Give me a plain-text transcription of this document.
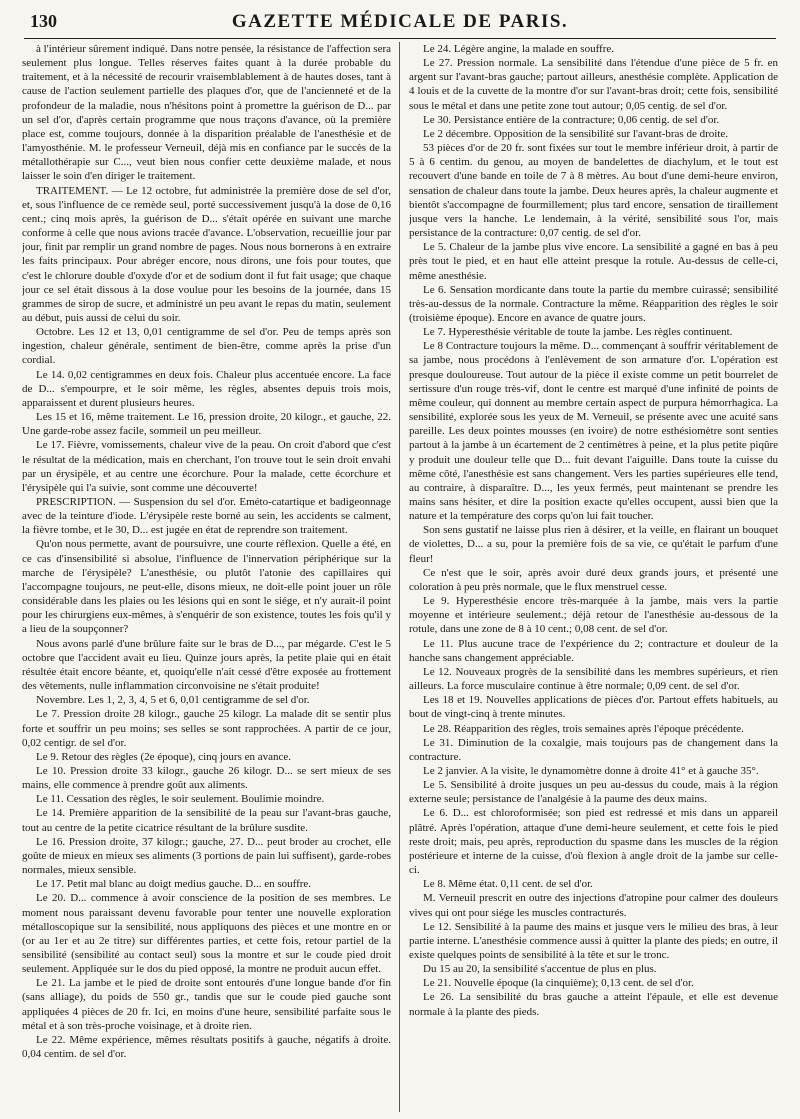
130	GAZETTE MÉDICALE DE PARIS.

à l'intérieur sûrement indiqué. Dans notre pensée, la résistance de l'affection sera seulement plus longue. Telles réserves faites quant à la durée probable du traitement, et à la nécessité de recourir vraisemblablement à de hautes doses, tant à cause de l'action seulement partielle des plaques d'or, que de l'ancienneté et de la profondeur de la maladie, nous n'hésitons point à promettre la guérison de D... par un sel d'or, d'après certain programme que nous traçons d'avance, où la première place est, comme toujours, donnée à la disparition préalable de l'anesthésie et de l'amyosthénie. M. le professeur Verneuil, déjà mis en confiance par le succès de la métallothérapie sur C..., veut bien nous confier cette deuxième malade, et nous laisser le soin d'en diriger le traitement.

TRAITEMENT. — Le 12 octobre, fut administrée la première dose de sel d'or, et, sous l'influence de ce remède seul, porté successivement jusqu'à la dose de 0,16 cent.; cinq mois après, la guérison de D... s'était opérée en suivant une marche conforme à celle que nous avions tracée d'avance. L'observation, recueillie jour par jour, finit par remplir un grand nombre de pages. Nous nous bornerons à en extraire les faits principaux. Pour abréger encore, nous dirons, une fois pour toutes, que c'est le chlorure double d'oxyde d'or et de sodium dont il fut fait usage; que chaque jour ce sel était dissous à la dose voulue pour les besoins de la journée, dans 15 grammes de sirop de sucre, et administré un peu avant le repas du matin, seulement au début, puis aussi de celui du soir.

Octobre. Les 12 et 13, 0,01 centigramme de sel d'or. Peu de temps après son ingestion, chaleur générale, sentiment de bien-être, comme après la prise d'un cordial.

Le 14. 0,02 centigrammes en deux fois. Chaleur plus accentuée encore. La face de D... s'empourpre, et le soir même, les règles, absentes depuis trois mois, apparaissent et durent plusieurs heures.

Les 15 et 16, même traitement. Le 16, pression droite, 20 kilogr., et gauche, 22. Une garde-robe assez facile, sommeil un peu meilleur.

Le 17. Fièvre, vomissements, chaleur vive de la peau. On croit d'abord que c'est le résultat de la médication, mais en cherchant, l'on trouve tout le sein droit envahi par un érysipèle, et au centre une écorchure. Pour la malade, cette écorchure et l'érysipèle qui l'a suivie, sont comme une découverte!

PRESCRIPTION. — Suspension du sel d'or. Eméto-catartique et badigeonnage avec de la teinture d'iode. L'érysipèle reste borné au sein, les accidents se calment, la fièvre tombe, et le 30, D... est jugée en état de reprendre son traitement.

Qu'on nous permette, avant de poursuivre, une courte réflexion. Quelle a été, en ce cas d'insensibilité si absolue, l'influence de l'innervation périphérique sur la marche de l'érysipèle? L'anesthésie, ou plutôt l'atonie des capillaires qui l'accompagne toujours, ne peut-elle, disons mieux, ne doit-elle point jouer un rôle considérable dans les plaies ou les lésions qui en sont le siége, et n'y aurait-il point pour les chirurgiens eux-mêmes, à s'enquérir de son existence, toutes les fois qu'il y a lieu de la soupçonner?

Nous avons parlé d'une brûlure faite sur le bras de D..., par mégarde. C'est le 5 octobre que l'accident avait eu lieu. Quinze jours après, la petite plaie qui en était résultée était encore béante, et, quoiqu'elle n'ait cessé d'être exposée au frottement des vêtements, nulle inflammation circonvoisine ne s'était produite!

Novembre. Les 1, 2, 3, 4, 5 et 6, 0,01 centigramme de sel d'or.

Le 7. Pression droite 28 kilogr., gauche 25 kilogr. La malade dit se sentir plus forte et souffrir un peu moins; ses selles se sont rapprochées. A partir de ce jour, 0,02 centigr. de sel d'or.

Le 9. Retour des règles (2e époque), cinq jours en avance.

Le 10. Pression droite 33 kilogr., gauche 26 kilogr. D... se sert mieux de ses mains, elle commence à prendre goût aux aliments.

Le 11. Cessation des règles, le soir seulement. Boulimie moindre.

Le 14. Première apparition de la sensibilité de la peau sur l'avant-bras gauche, tout au centre de la petite cicatrice résultant de la brûlure susdite.

Le 16. Pression droite, 37 kilogr.; gauche, 27. D... peut broder au crochet, elle goûte de mieux en mieux ses aliments (3 portions de pain lui suffisent), garde-robes normales, mieux sensible.

Le 17. Petit mal blanc au doigt medius gauche. D... en souffre.

Le 20. D... commence à avoir conscience de la position de ses membres. Le moment nous paraissant devenu favorable pour tenter une nouvelle exploration métalloscopique sur la sensibilité, nous appliquons des pièces et une montre en or (or au 1er et au 2e titre) sur différentes parties, et cette fois, retour partiel de la sensibilité (sensibilité au contact seul) sous la montre et sur le coude pied droit seulement. Appliquée sur le dos du pied opposé, la montre ne produit aucun effet.

Le 21. La jambe et le pied de droite sont entourés d'une longue bande d'or fin (sans alliage), du poids de 550 gr., tandis que sur le coude pied gauche sont appliquées 4 pièces de 20 fr. Ici, en moins d'une heure, sensibilité parfaite sous le métal et à son très-proche voisinage, et à droite rien.

Le 22. Même expérience, mêmes résultats positifs à gauche, négatifs à droite. 0,04 centim. de sel d'or.

Le 24. Légère angine, la malade en souffre.

Le 27. Pression normale. La sensibilité dans l'étendue d'une pièce de 5 fr. en argent sur l'avant-bras gauche; partout ailleurs, anesthésie complète. Application de 4 louis et de la cuvette de la montre d'or sur l'avant-bras droit; cette fois, sensibilité sous le métal et dans une petite zone tout autour; 0,05 centig. de sel d'or.

Le 30. Persistance entière de la contracture; 0,06 centig. de sel d'or.

Le 2 décembre. Opposition de la sensibilité sur l'avant-bras de droite.

53 pièces d'or de 20 fr. sont fixées sur tout le membre inférieur droit, à partir de 5 à 6 centim. du genou, au moyen de bandelettes de diachylum, et le tout est recouvert d'une bande en toile de 7 à 8 mètres. Au bout d'une demi-heure environ, sensation de chaleur dans toute la jambe. Deux heures après, la chaleur augmente et bientôt s'accompagne de fourmillement; plus tard encore, sensation de tiraillement jusque vers la hanche. Le lendemain, à la vérité, sensibilité sous l'or, mais persistance de la contracture: 0,07 centig. de sel d'or.

Le 5. Chaleur de la jambe plus vive encore. La sensibilité a gagné en bas à peu près tout le pied, et en haut elle atteint presque la rotule. Au-dessus de celle-ci, même anesthésie.

Le 6. Sensation mordicante dans toute la partie du membre cuirassé; sensibilité très-au-dessus de la normale. Contracture la même. Réapparition des règles le soir (troisième époque). Encore en avance de quatre jours.

Le 7. Hyperesthésie véritable de toute la jambe. Les règles continuent.

Le 8 Contracture toujours la même. D... commençant à souffrir véritablement de sa jambe, nous procédons à l'enlèvement de son armature d'or. L'opération est presque douloureuse. Tout autour de la pièce il existe comme un petit bourrelet de sertissure d'un rouge très-vif, dont le centre est marqué d'une infinité de points de même couleur, qui donnent au membre certain aspect de purpura hémorrhagica. La sensibilité, explorée sous les yeux de M. Verneuil, se présente avec une acuité sans pareille. Les deux pointes mousses (en ivoire) de notre esthésiomètre sont senties partout à la jambe à un écartement de 2 centimètres à peine, et la plus petite piqûre y produit une douleur telle que D... fuit devant l'aiguille. Dans toute la cuisse du même côté, l'anesthésie est sans changement. Vers les parties supérieures elle tend, au contraire, à disparaître. D..., les yeux fermés, peut maintenant se prendre les mains sans hésiter, et dire la position exacte qu'elles occupent, aussi bien que la nature et la température des corps qu'on lui fait toucher.

Son sens gustatif ne laisse plus rien à désirer, et la veille, en flairant un bouquet de violettes, D... a su, pour la première fois de sa vie, ce qu'était le parfum d'une fleur!

Ce n'est que le soir, après avoir duré deux grands jours, et présenté une coloration à peu près normale, que le flux menstruel cesse.

Le 9. Hyperesthésie encore très-marquée à la jambe, mais vers la partie moyenne et intérieure seulement.; déjà retour de l'anesthésie au-dessous de la rotule, dans une zone de 8 à 10 cent.; 0,08 cent. de sel d'or.

Le 11. Plus aucune trace de l'expérience du 2; contracture et douleur de la hanche sans changement appréciable.

Le 12. Nouveaux progrès de la sensibilité dans les membres supérieurs, et rien ailleurs. La force musculaire continue à être normale; 0,09 cent. de sel d'or.

Les 18 et 19. Nouvelles applications de pièces d'or. Partout effets habituels, au bout de vingt-cinq à trente minutes.

Le 28. Réapparition des règles, trois semaines après l'époque précédente.

Le 31. Diminution de la coxalgie, mais toujours pas de changement dans la contracture.

Le 2 janvier. A la visite, le dynamomètre donne à droite 41° et à gauche 35°.

Le 5. Sensibilité à droite jusques un peu au-dessus du coude, mais à la région externe seule; persistance de l'analgésie à la paume des deux mains.

Le 6. D... est chloroformisée; son pied est redressé et mis dans un appareil plâtré. Après l'opération, attaque d'une demi-heure seulement, et cette fois le pied reste droit; mais, peu après, reproduction du spasme dans les muscles de la région postérieure et interne de la cuisse, d'où flexion à angle droit de la jambe sur celle-ci.

Le 8. Même état. 0,11 cent. de sel d'or.

M. Verneuil prescrit en outre des injections d'atropine pour calmer des douleurs vives qui ont pour siége les muscles contracturés.

Le 12. Sensibilité à la paume des mains et jusque vers le milieu des bras, à leur partie interne. L'anesthésie commence aussi à quitter la plante des pieds; en outre, il existe quelques points de sensibilité à la tête et sur le tronc.

Du 15 au 20, la sensibilité s'accentue de plus en plus.

Le 21. Nouvelle époque (la cinquième); 0,13 cent. de sel d'or.

Le 26. La sensibilité du bras gauche a atteint l'épaule, et elle est devenue normale à la plante des pieds.
